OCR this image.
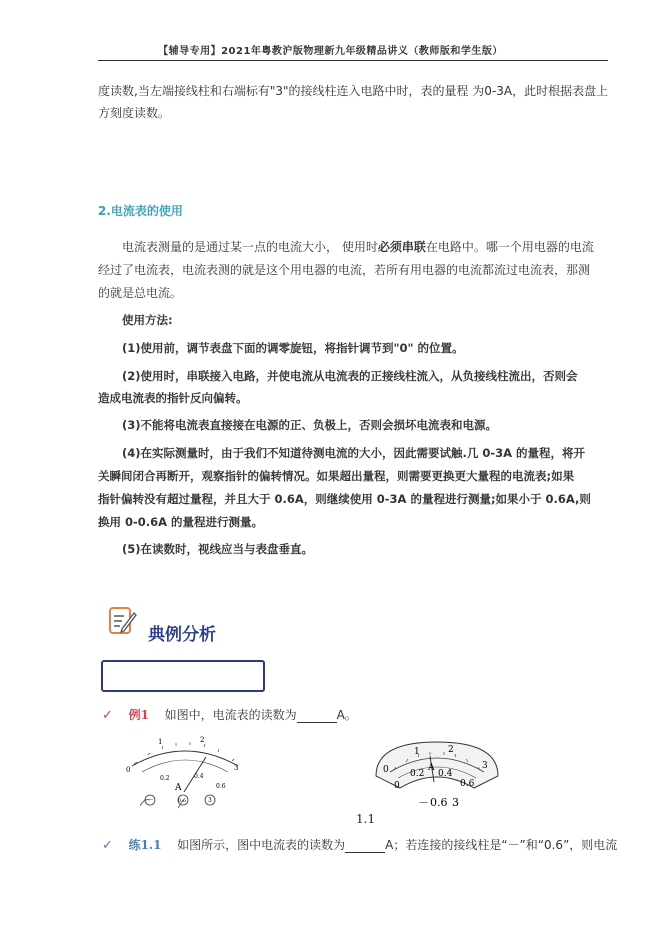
【辅导专用】2021年粤教沪版物理新九年级精品讲义（教师版和学生版）
度读数,当左端接线柱和右端标有"3"的接线柱连入电路中时，表的量程 为0-3A，此时根据表盘上
方刻度读数。
2.电流表的使用
电流表测量的是通过某一点的电流大小， 使用时必须串联在电路中。哪一个用电器的电流
经过了电流表，电流表测的就是这个用电器的电流，若所有用电器的电流都流过电流表，那测
的就是总电流。
使用方法:
(1)使用前，调节表盘下面的调零旋钮，将指针调节到"0" 的位置。
(2)使用时，串联接入电路，并使电流从电流表的正接线柱流入，从负接线柱流出，否则会
造成电流表的指针反向偏转。
(3)不能将电流表直接接在电源的正、负极上，否则会损坏电流表和电源。
(4)在实际测量时，由于我们不知道待测电流的大小，因此需要试触.几 0-3A 的量程，将开
关瞬间闭合再断开，观察指针的偏转情况。如果超出量程，则需要更换更大量程的电流表;如果
指针偏转没有超过量程，并且大于 0.6A，则继续使用 0-3A 的量程进行测量;如果小于 0.6A,则
换用 0-0.6A 的量程进行测量。
(5)在读数时，视线应当与表盘垂直。
典例分析
✓ 例1 如图中，电流表的读数为	A。
0
1	2
3
0.2	0.4
0.6
A
－	0.6	3
0
1	2
3
0
0.2 0.4
0.6
A
－ 0.6 3
1.1
✓ 练1.1 如图所示，图中电流表的读数为	A；若连接的接线柱是“－”和“0.6”，则电流
